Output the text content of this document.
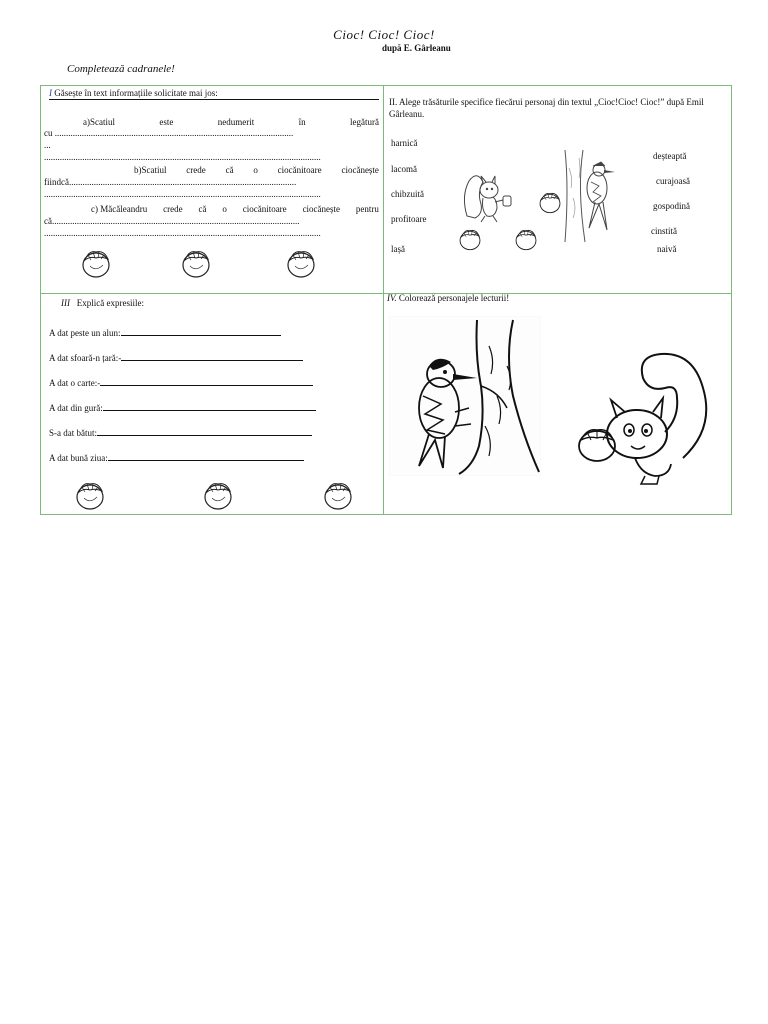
Cioc! Cioc! Cioc!
după E. Gârleanu
Completează cadranele!
I Găsește în text informațiile solicitate mai jos:
a)Scatiul	este	nedumerit	în	legătură
cu ..........................................................................................................
...
...........................................................................................................................
b)Scatiul crede că o ciocănitoare ciocănește
fiindcă.....................................................................................................
...........................................................................................................................
c) Măcăleandru crede că o ciocănitoare ciocănește pentru
că..............................................................................................................
...........................................................................................................................
II. Alege trăsăturile specifice fiecărui personaj din textul „Cioc!Cioc! Cioc!” după Emil Gârleanu.
harnică
lacomă
chibzuită
profitoare
lașă
deșteaptă
curajoasă
gospodină
cinstită
naivă
III Explică expresiile:
A dat peste un alun:
A dat sfoară-n țară:-
A dat o carte:-
A dat din gură:
S-a dat bătut:
A dat bună ziua:
IV. Colorează personajele lecturii!
